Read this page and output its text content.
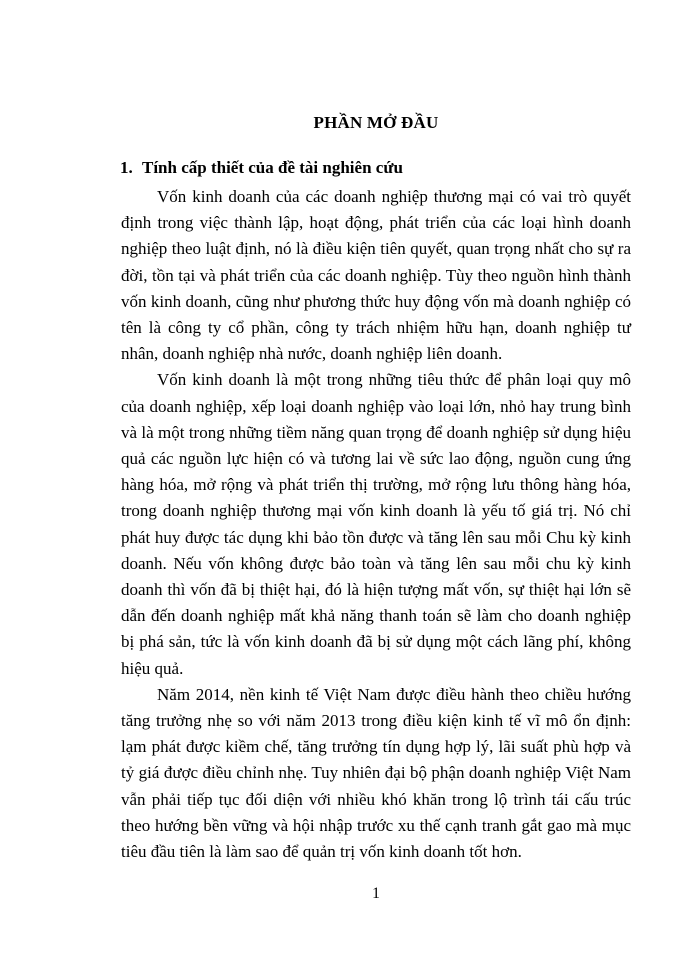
PHẦN MỞ ĐẦU
1. Tính cấp thiết của đề tài nghiên cứu

Vốn kinh doanh của các doanh nghiệp thương mại có vai trò quyết định trong việc thành lập, hoạt động, phát triển của các loại hình doanh nghiệp theo luật định, nó là điều kiện tiên quyết, quan trọng nhất cho sự ra đời, tồn tại và phát triển của các doanh nghiệp. Tùy theo nguồn hình thành vốn kinh doanh, cũng như phương thức huy động vốn mà doanh nghiệp có tên là công ty cổ phần, công ty trách nhiệm hữu hạn, doanh nghiệp tư nhân, doanh nghiệp nhà nước, doanh nghiệp liên doanh.

Vốn kinh doanh là một trong những tiêu thức để phân loại quy mô của doanh nghiệp, xếp loại doanh nghiệp vào loại lớn, nhỏ hay trung bình và là một trong những tiềm năng quan trọng để doanh nghiệp sử dụng hiệu quả các nguồn lực hiện có và tương lai về sức lao động, nguồn cung ứng hàng hóa, mở rộng và phát triển thị trường, mở rộng lưu thông hàng hóa, trong doanh nghiệp thương mại vốn kinh doanh là yếu tố giá trị. Nó chỉ phát huy được tác dụng khi bảo tồn được và tăng lên sau mỗi Chu kỳ kinh doanh. Nếu vốn không được bảo toàn và tăng lên sau mỗi chu kỳ kinh doanh thì vốn đã bị thiệt hại, đó là hiện tượng mất vốn, sự thiệt hại lớn sẽ dẫn đến doanh nghiệp mất khả năng thanh toán sẽ làm cho doanh nghiệp bị phá sản, tức là vốn kinh doanh đã bị sử dụng một cách lãng phí, không hiệu quả.

Năm 2014, nền kinh tế Việt Nam được điều hành theo chiều hướng tăng trưởng nhẹ so với năm 2013 trong điều kiện kinh tế vĩ mô ổn định: lạm phát được kiềm chế, tăng trưởng tín dụng hợp lý, lãi suất phù hợp và tỷ giá được điều chỉnh nhẹ. Tuy nhiên đại bộ phận doanh nghiệp Việt Nam vẫn phải tiếp tục đối diện với nhiều khó khăn trong lộ trình tái cấu trúc theo hướng bền vững và hội nhập trước xu thế cạnh tranh gắt gao mà mục tiêu đầu tiên là làm sao để quản trị vốn kinh doanh tốt hơn.

1
